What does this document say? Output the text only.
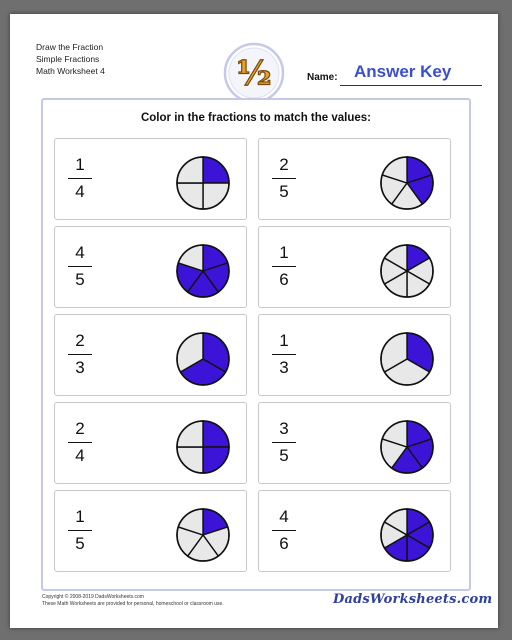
Draw the Fraction
Simple Fractions
Math Worksheet 4	½	Name: Answer Key
Color in the fractions to match the values:
1
4
2
5
4
5
1
6
2
3
1
3
2
4
3
5
1
5
4
6
Copyright © 2008-2019 DadsWorksheets.com
These Math Worksheets are provided for personal, homeschool or classroom use.	DadsWorksheets.com
